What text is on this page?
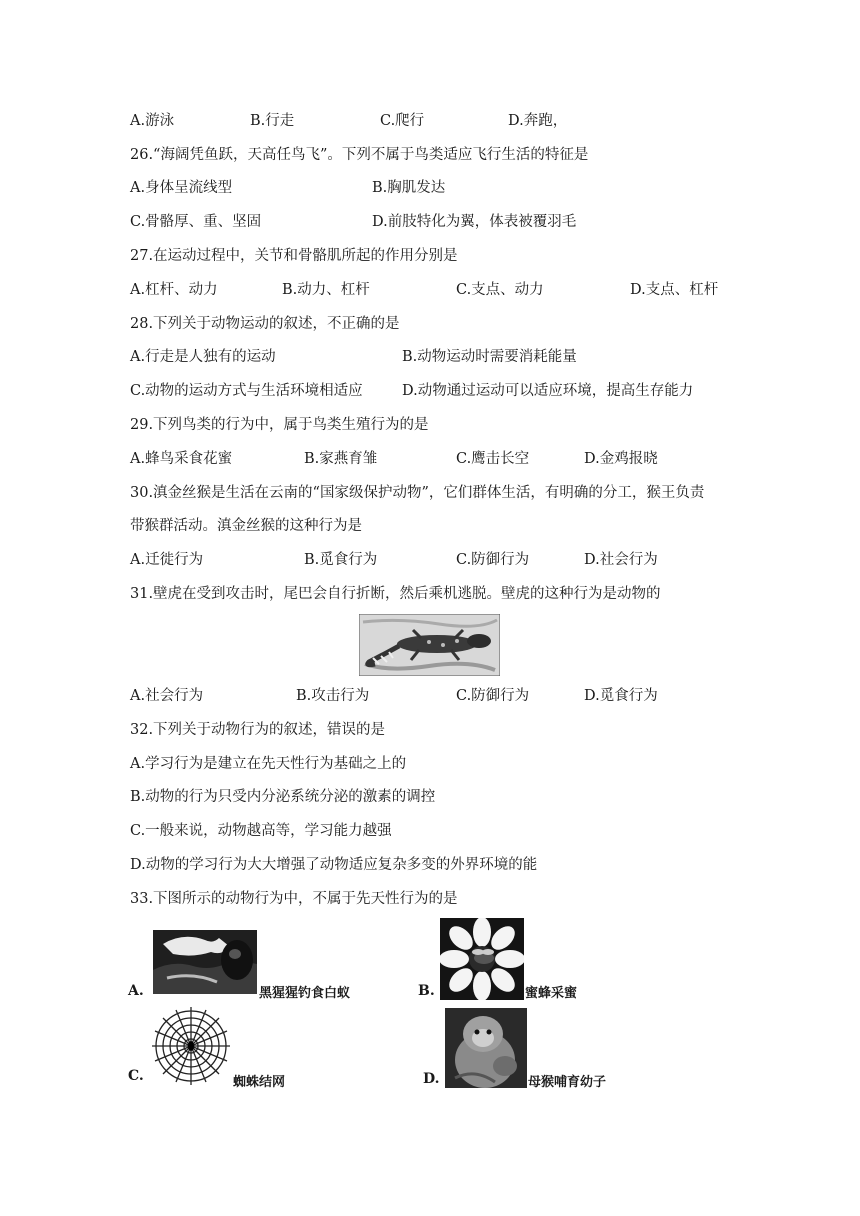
A.游泳	B.行走	C.爬行	D.奔跑，
26.“海阔凭鱼跃，天高任鸟飞”。下列不属于鸟类适应飞行生活的特征是
A.身体呈流线型	B.胸肌发达
C.骨骼厚、重、坚固	D.前肢特化为翼，体表被覆羽毛
27.在运动过程中，关节和骨骼肌所起的作用分别是
A.杠杆、动力	B.动力、杠杆	C.支点、动力	D.支点、杠杆
28.下列关于动物运动的叙述，不正确的是
A.行走是人独有的运动	B.动物运动时需要消耗能量
C.动物的运动方式与生活环境相适应	D.动物通过运动可以适应环境，提高生存能力
29.下列鸟类的行为中，属于鸟类生殖行为的是
A.蜂鸟采食花蜜	B.家燕育雏	C.鹰击长空	D.金鸡报晓
30.滇金丝猴是生活在云南的“国家级保护动物”，它们群体生活，有明确的分工，猴王负责
带猴群活动。滇金丝猴的这种行为是
A.迁徙行为	B.觅食行为	C.防御行为	D.社会行为
31.壁虎在受到攻击时，尾巴会自行折断，然后乘机逃脱。壁虎的这种行为是动物的
A.社会行为	B.攻击行为	C.防御行为	D.觅食行为
32.下列关于动物行为的叙述，错误的是
A.学习行为是建立在先天性行为基础之上的
B.动物的行为只受内分泌系统分泌的激素的调控
C.一般来说，动物越高等，学习能力越强
D.动物的学习行为大大增强了动物适应复杂多变的外界环境的能
33.下图所示的动物行为中，不属于先天性行为的是
A.	黑猩猩钓食白蚁	B.	蜜蜂采蜜
C.	蜘蛛结网	D.	母猴哺育幼子
